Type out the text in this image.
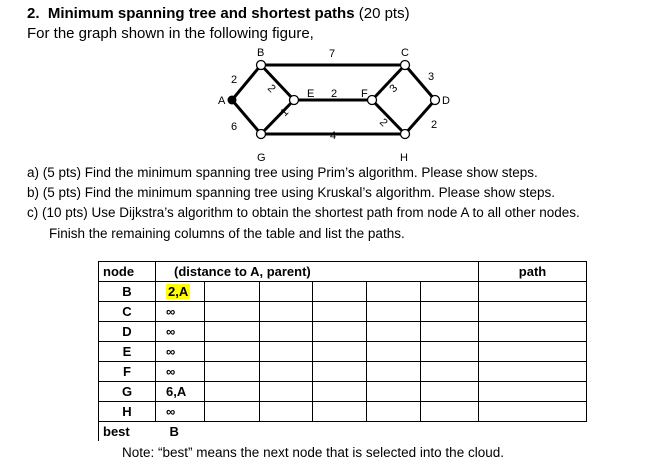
2. Minimum spanning tree and shortest paths (20 pts)
For the graph shown in the following figure,
A
B	C
D
E	F
G	H
2
6
7
2	2
1
3
2
3
4
2
a) (5 pts) Find the minimum spanning tree using Prim’s algorithm. Please show steps.
b) (5 pts) Find the minimum spanning tree using Kruskal’s algorithm. Please show steps.
c) (10 pts) Use Dijkstra’s algorithm to obtain the shortest path from node A to all other nodes.
Finish the remaining columns of the table and list the paths.
node	(distance to A, parent)						path
B	2,A						
C	∞						
D	∞						
E	∞						
F	∞						
G	6,A						
H	∞						
best	B						
Note: “best” means the next node that is selected into the cloud.
